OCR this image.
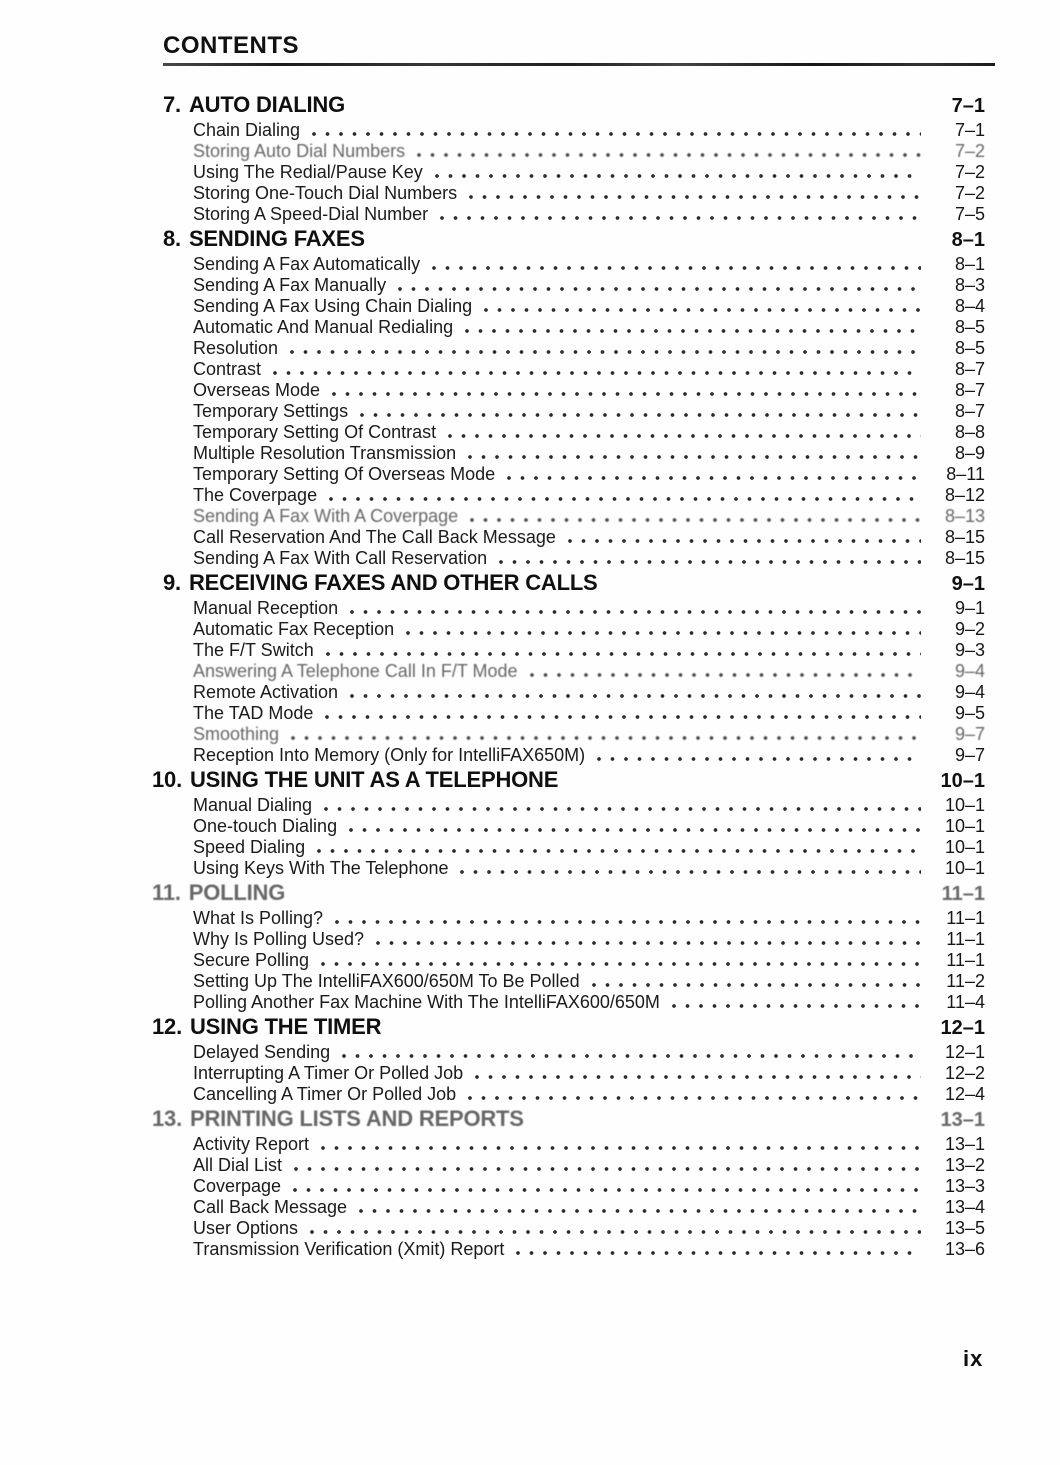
CONTENTS
7. AUTO DIALING	7–1
Chain Dialing	7–1
Storing Auto Dial Numbers	7–2
Using The Redial/Pause Key	7–2
Storing One-Touch Dial Numbers	7–2
Storing A Speed-Dial Number	7–5
8. SENDING FAXES	8–1
Sending A Fax Automatically	8–1
Sending A Fax Manually	8–3
Sending A Fax Using Chain Dialing	8–4
Automatic And Manual Redialing	8–5
Resolution	8–5
Contrast	8–7
Overseas Mode	8–7
Temporary Settings	8–7
Temporary Setting Of Contrast	8–8
Multiple Resolution Transmission	8–9
Temporary Setting Of Overseas Mode	8–11
The Coverpage	8–12
Sending A Fax With A Coverpage	8–13
Call Reservation And The Call Back Message	8–15
Sending A Fax With Call Reservation	8–15
9. RECEIVING FAXES AND OTHER CALLS	9–1
Manual Reception	9–1
Automatic Fax Reception	9–2
The F/T Switch	9–3
Answering A Telephone Call In F/T Mode	9–4
Remote Activation	9–4
The TAD Mode	9–5
Smoothing	9–7
Reception Into Memory (Only for IntelliFAX650M)	9–7
10. USING THE UNIT AS A TELEPHONE	10–1
Manual Dialing	10–1
One-touch Dialing	10–1
Speed Dialing	10–1
Using Keys With The Telephone	10–1
11. POLLING	11–1
What Is Polling?	11–1
Why Is Polling Used?	11–1
Secure Polling	11–1
Setting Up The IntelliFAX600/650M To Be Polled	11–2
Polling Another Fax Machine With The IntelliFAX600/650M	11–4
12. USING THE TIMER	12–1
Delayed Sending	12–1
Interrupting A Timer Or Polled Job	12–2
Cancelling A Timer Or Polled Job	12–4
13. PRINTING LISTS AND REPORTS	13–1
Activity Report	13–1
All Dial List	13–2
Coverpage	13–3
Call Back Message	13–4
User Options	13–5
Transmission Verification (Xmit) Report	13–6
ix
